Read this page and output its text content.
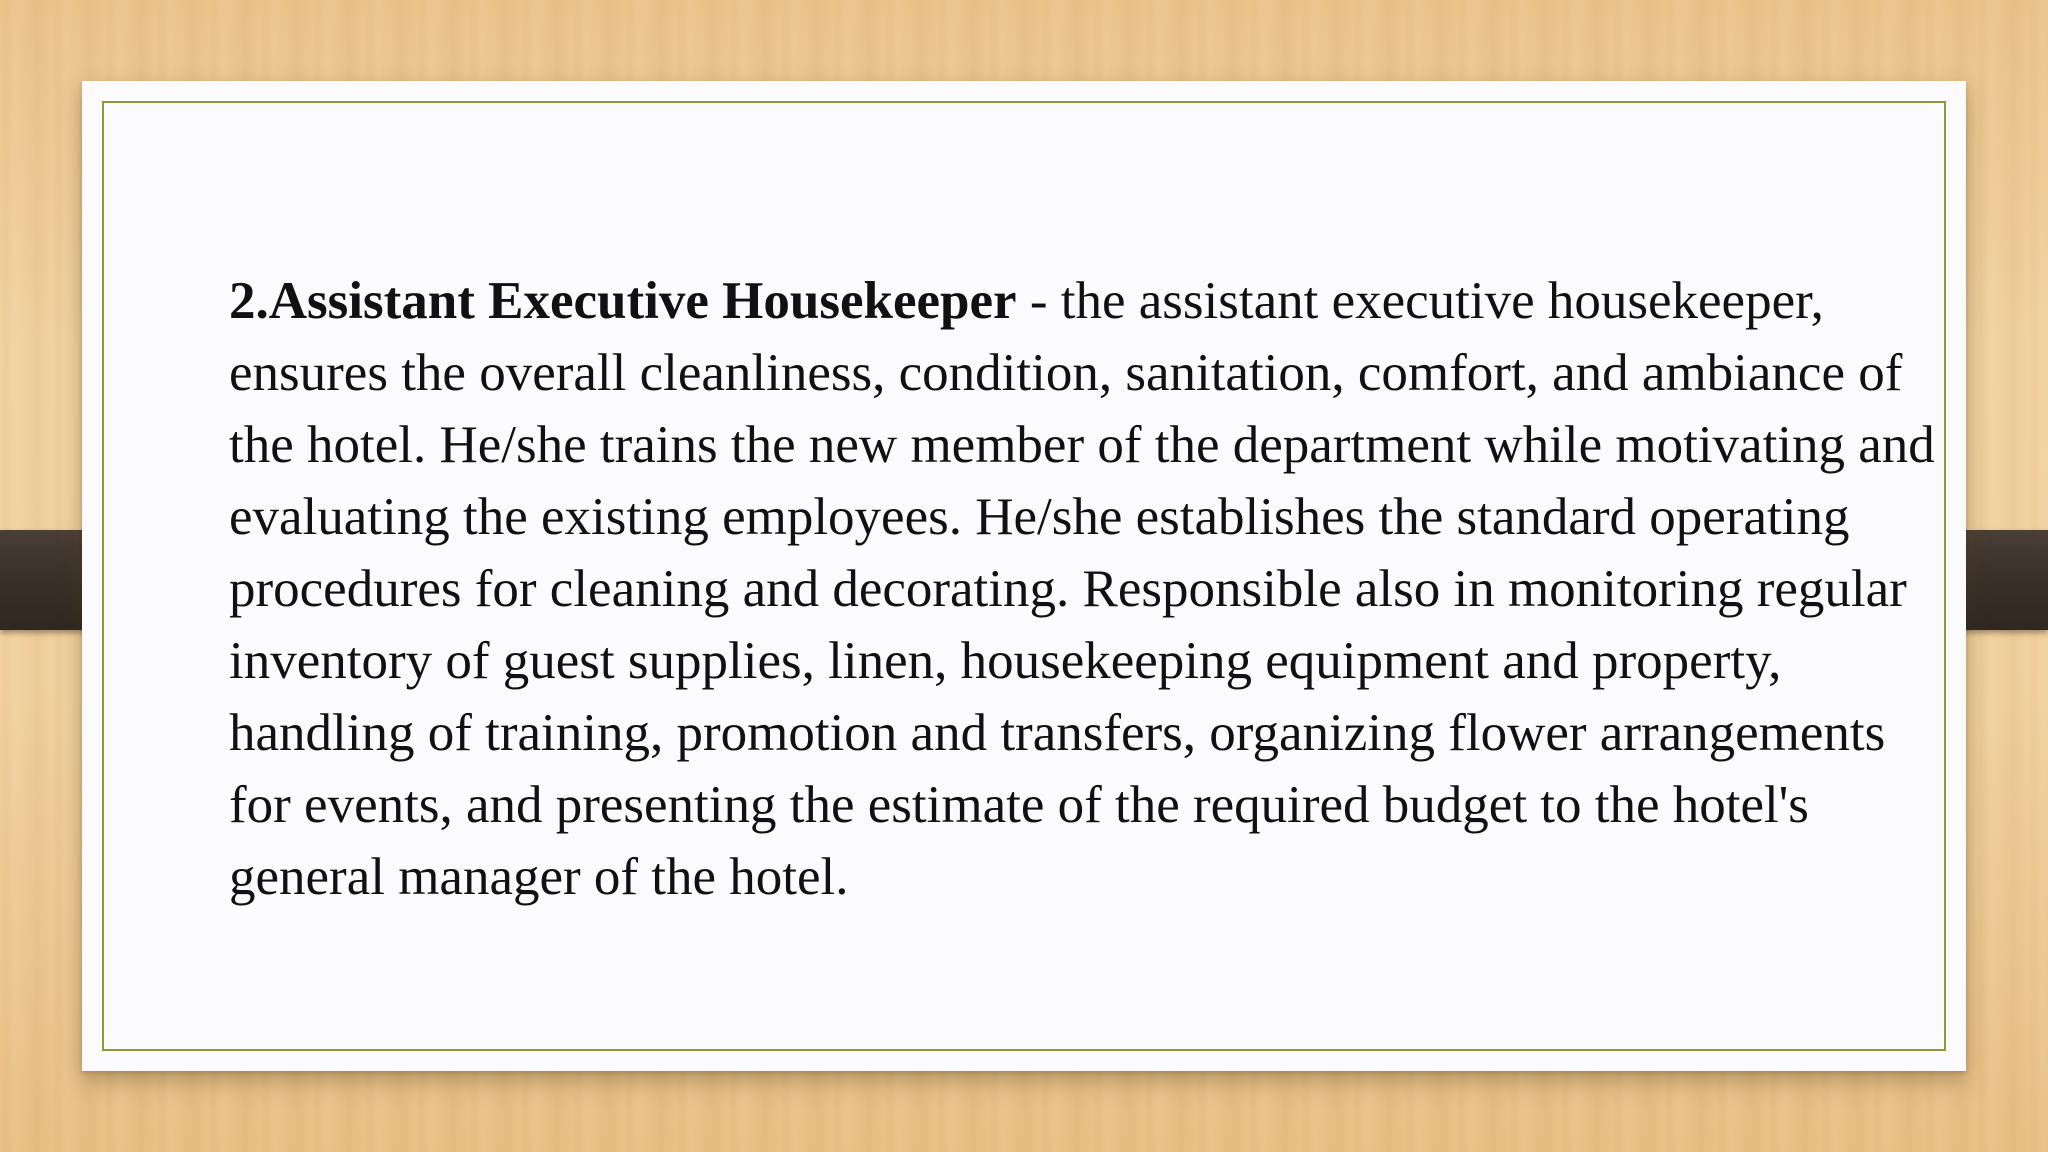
2.Assistant Executive Housekeeper - the assistant executive housekeeper, ensures the overall cleanliness, condition, sanitation, comfort, and ambiance of the hotel. He/she trains the new member of the department while motivating and evaluating the existing employees. He/she establishes the standard operating procedures for cleaning and decorating. Responsible also in monitoring regular inventory of guest supplies, linen, housekeeping equipment and property, handling of training, promotion and transfers, organizing flower arrangements for events, and presenting the estimate of the required budget to the hotel's general manager of the hotel.
